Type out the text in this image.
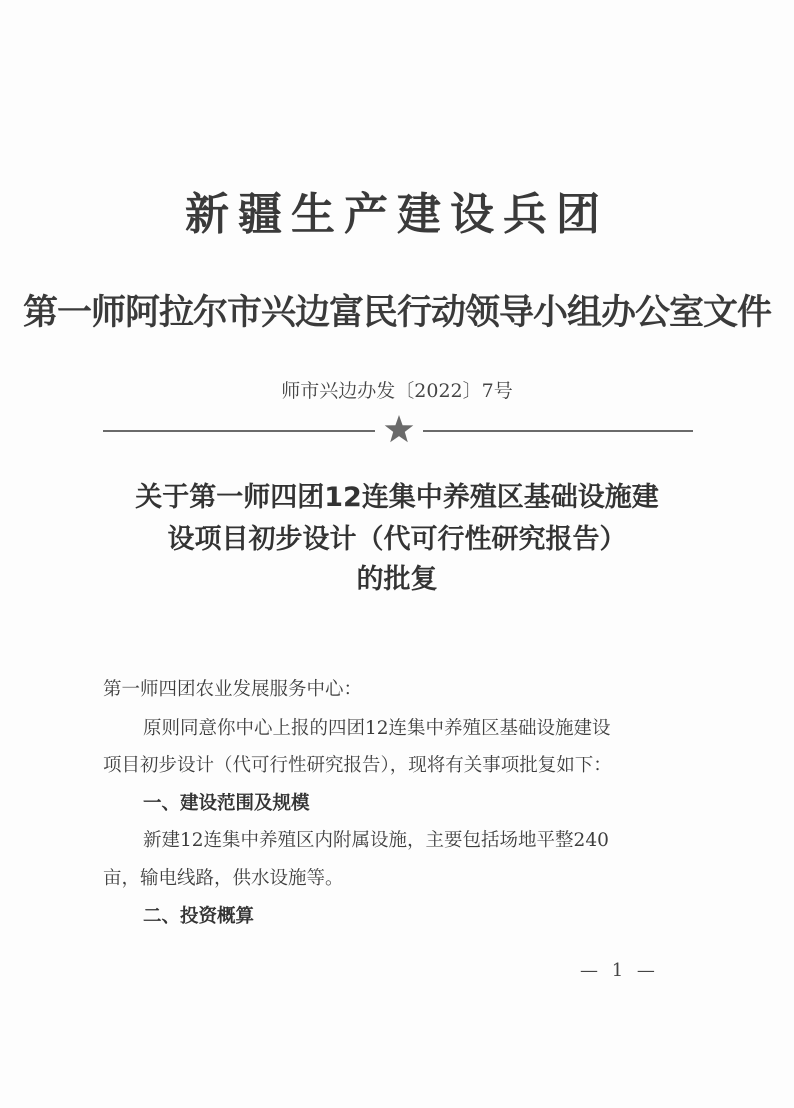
新疆生产建设兵团

第一师阿拉尔市兴边富民行动领导小组办公室文件

师市兴边办发〔2022〕7号

关于第一师四团12连集中养殖区基础设施建

设项目初步设计（代可行性研究报告）

的批复

第一师四团农业发展服务中心：

原则同意你中心上报的四团12连集中养殖区基础设施建设

项目初步设计（代可行性研究报告），现将有关事项批复如下：

一、建设范围及规模

新建12连集中养殖区内附属设施，主要包括场地平整240

亩，输电线路，供水设施等。

二、投资概算

— 1 —
